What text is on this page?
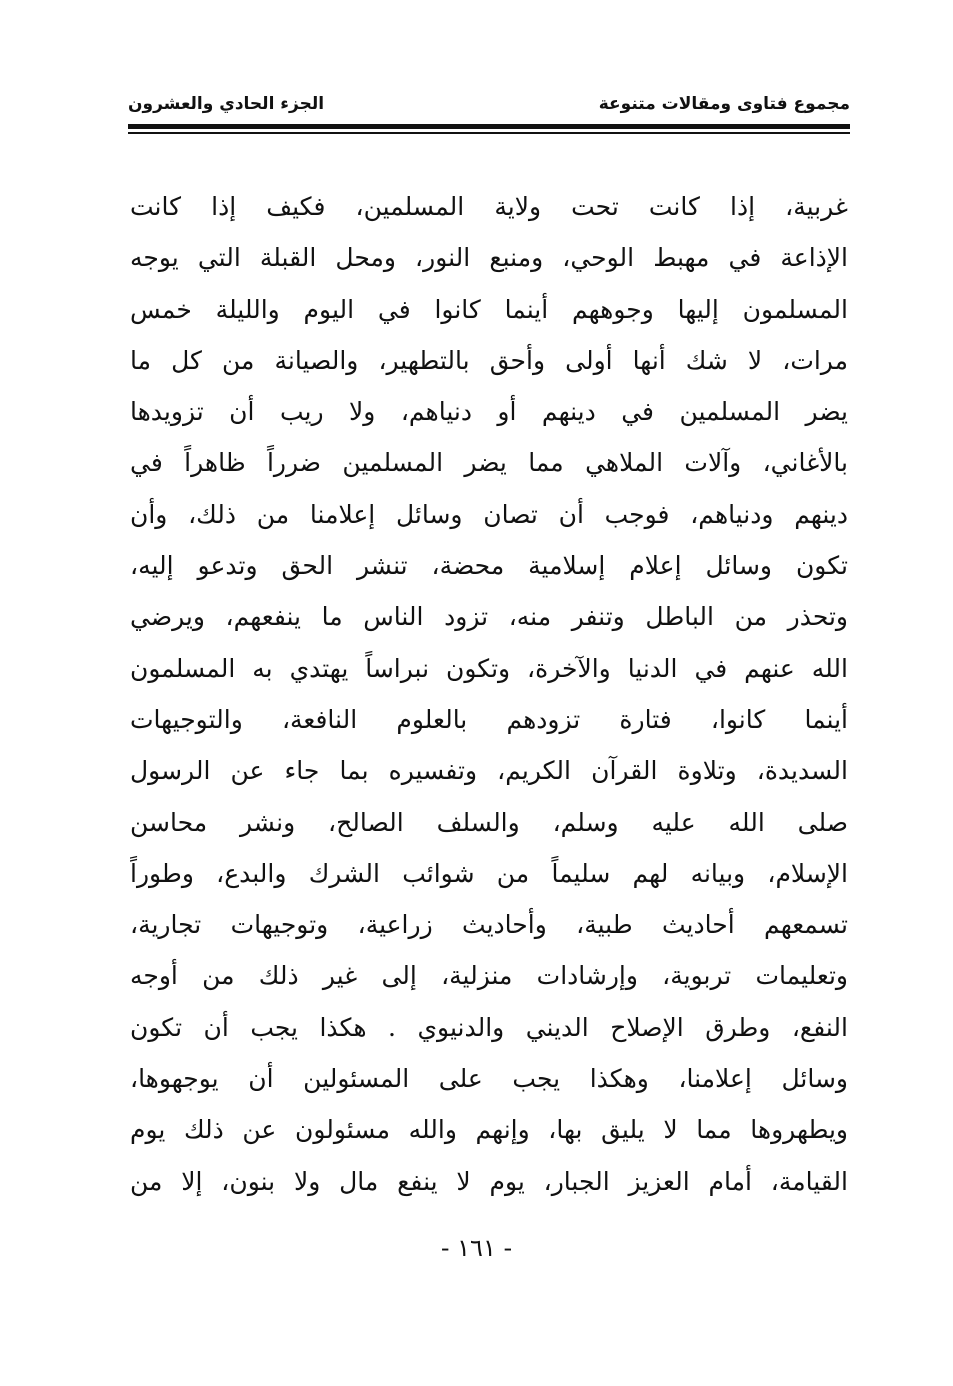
مجموع فتاوى ومقالات متنوعة
الجزء الحادي والعشرون
غربية، إذا كانت تحت ولاية المسلمين، فكيف إذا كانت
الإذاعة في مهبط الوحي، ومنبع النور، ومحل القبلة التي يوجه
المسلمون إليها وجوههم أينما كانوا في اليوم والليلة خمس
مرات، لا شك أنها أولى وأحق بالتطهير، والصيانة من كل ما
يضر المسلمين في دينهم أو دنياهم، ولا ريب أن تزويدها
بالأغاني، وآلات الملاهي مما يضر المسلمين ضرراً ظاهراً في
دينهم ودنياهم، فوجب أن تصان وسائل إعلامنا من ذلك، وأن
تكون وسائل إعلام إسلامية محضة، تنشر الحق وتدعو إليه،
وتحذر من الباطل وتنفر منه، تزود الناس ما ينفعهم، ويرضي
الله عنهم في الدنيا والآخرة، وتكون نبراساً يهتدي به المسلمون
أينما كانوا، فتارة تزودهم بالعلوم النافعة، والتوجيهات
السديدة، وتلاوة القرآن الكريم، وتفسيره بما جاء عن الرسول
صلى الله عليه وسلم، والسلف الصالح، ونشر محاسن
الإسلام، وبيانه لهم سليماً من شوائب الشرك والبدع، وطوراً
تسمعهم أحاديث طبية، وأحاديث زراعية، وتوجيهات تجارية،
وتعليمات تربوية، وإرشادات منزلية، إلى غير ذلك من أوجه
النفع، وطرق الإصلاح الديني والدنيوي . هكذا يجب أن تكون
وسائل إعلامنا، وهكذا يجب على المسئولين أن يوجهوها،
ويطهروها مما لا يليق بها، وإنهم والله مسئولون عن ذلك يوم
القيامة، أمام العزيز الجبار، يوم لا ينفع مال ولا بنون، إلا من
- ١٦١ -
